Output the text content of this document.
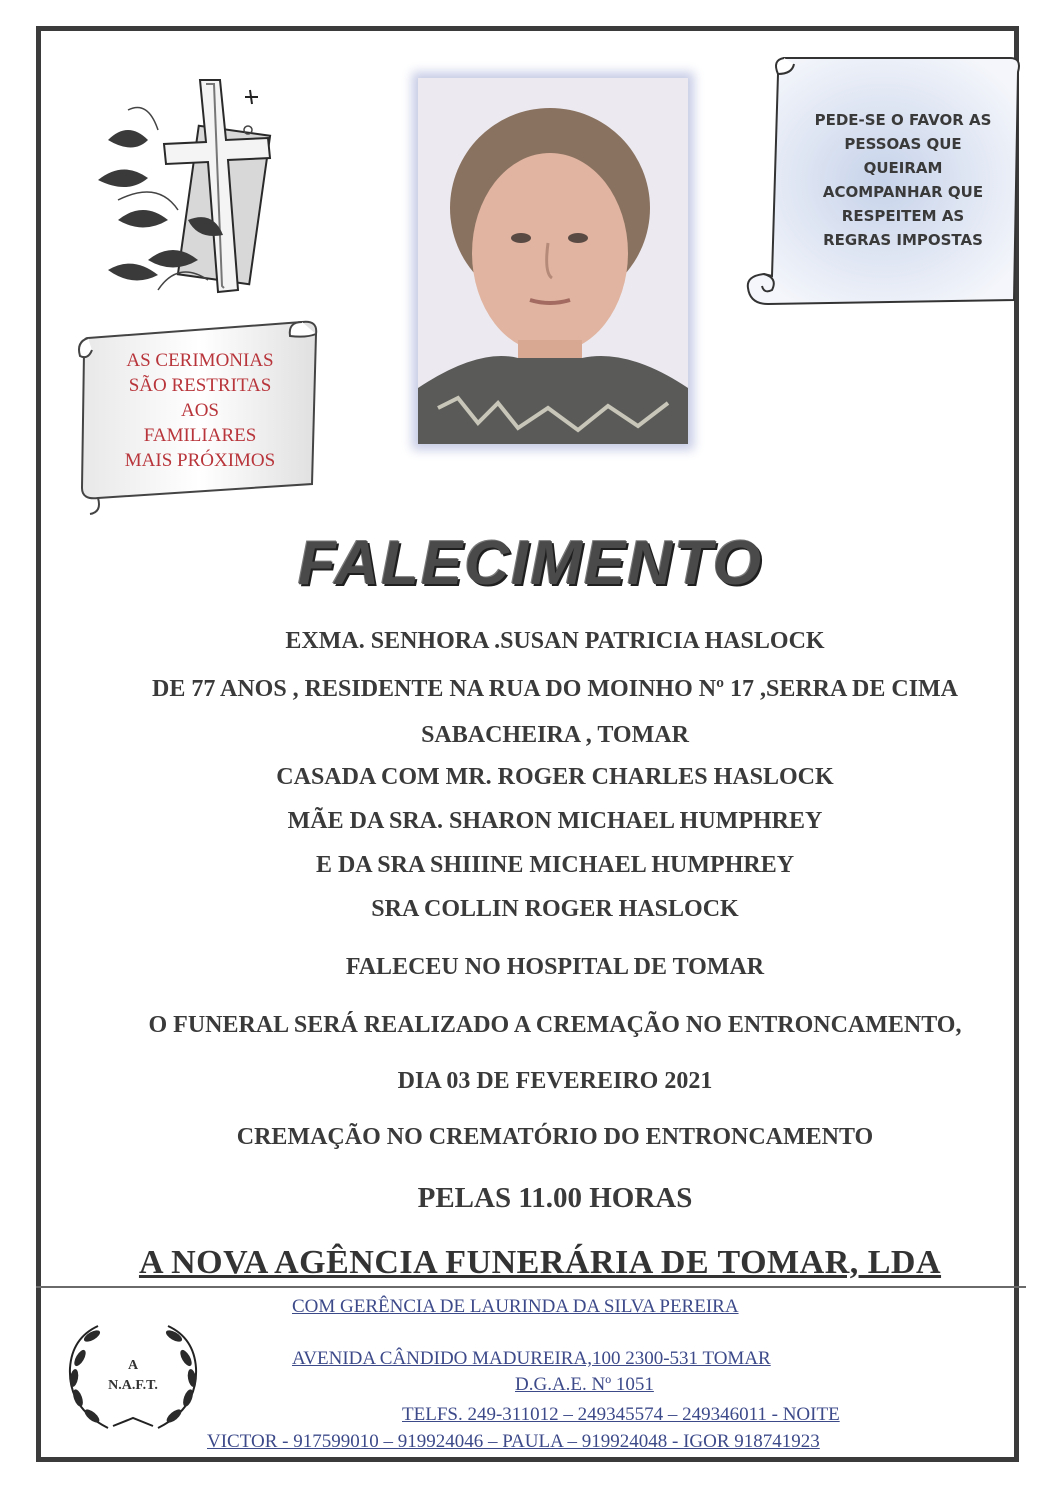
PEDE-SE O FAVOR AS
PESSOAS QUE
QUEIRAM
ACOMPANHAR QUE
RESPEITEM AS
REGRAS IMPOSTAS
AS CERIMONIAS
SÃO RESTRITAS
AOS
FAMILIARES
MAIS PRÓXIMOS
FALECIMENTO
EXMA. SENHORA .SUSAN PATRICIA HASLOCK
DE 77 ANOS , RESIDENTE NA RUA DO MOINHO Nº 17 ,SERRA DE CIMA
SABACHEIRA , TOMAR
CASADA COM MR. ROGER CHARLES HASLOCK
MÃE DA SRA. SHARON MICHAEL HUMPHREY
E DA SRA SHIIINE MICHAEL HUMPHREY
SRA COLLIN ROGER HASLOCK
FALECEU NO HOSPITAL DE TOMAR
O FUNERAL SERÁ REALIZADO A CREMAÇÃO NO ENTRONCAMENTO,
DIA 03 DE FEVEREIRO 2021
CREMAÇÃO NO CREMATÓRIO DO ENTRONCAMENTO
PELAS 11.00 HORAS
A NOVA AGÊNCIA FUNERÁRIA DE TOMAR, LDA
COM GERÊNCIA DE LAURINDA DA SILVA PEREIRA
AVENIDA CÂNDIDO MADUREIRA,100 2300-531 TOMAR
D.G.A.E. Nº 1051
TELFS. 249-311012 – 249345574 – 249346011 - NOITE
VICTOR - 917599010 – 919924046 – PAULA – 919924048 - IGOR 918741923
A
N.A.F.T.
